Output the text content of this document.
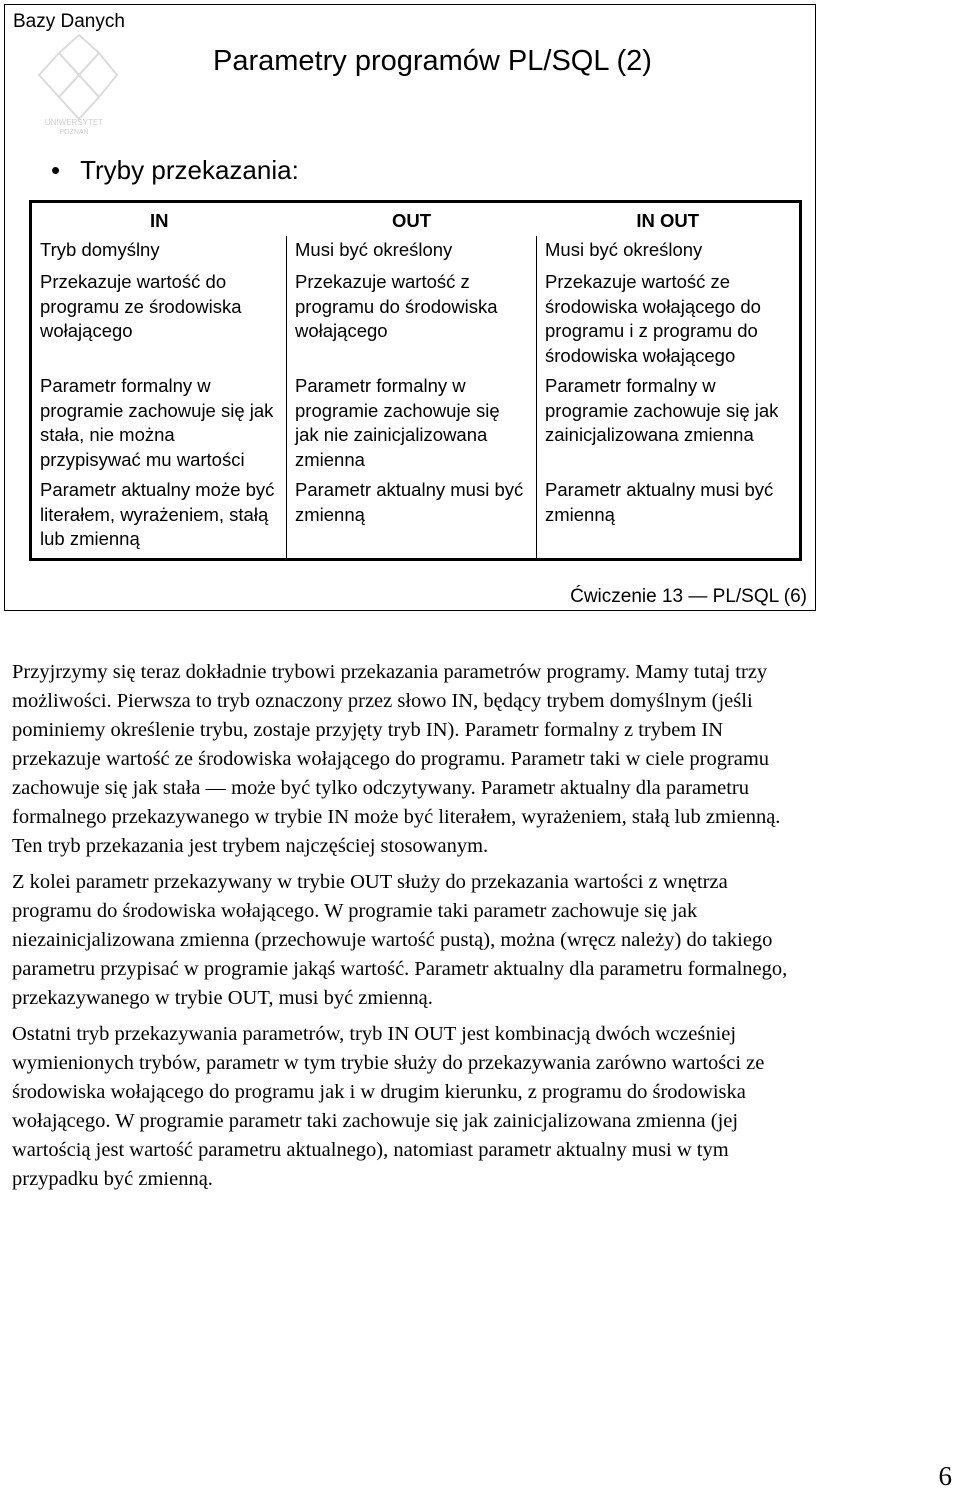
Bazy Danych
UNIWERSYTET
POZNAŃ
Parametry programów PL/SQL (2)
• Tryby przekazania:
IN	OUT	IN OUT
Tryb domyślny	Musi być określony	Musi być określony
Przekazuje wartość do programu ze środowiska wołającego	Przekazuje wartość z programu do środowiska wołającego	Przekazuje wartość ze środowiska wołającego do programu i z programu do środowiska wołającego
Parametr formalny w programie zachowuje się jak stała, nie można przypisywać mu wartości	Parametr formalny w programie zachowuje się jak nie zainicjalizowana zmienna	Parametr formalny w programie zachowuje się jak zainicjalizowana zmienna
Parametr aktualny może być literałem, wyrażeniem, stałą lub zmienną	Parametr aktualny musi być zmienną	Parametr aktualny musi być zmienną
Ćwiczenie 13 — PL/SQL (6)

Przyjrzymy się teraz dokładnie trybowi przekazania parametrów programy. Mamy tutaj trzy możliwości. Pierwsza to tryb oznaczony przez słowo IN, będący trybem domyślnym (jeśli pominiemy określenie trybu, zostaje przyjęty tryb IN). Parametr formalny z trybem IN przekazuje wartość ze środowiska wołającego do programu. Parametr taki w ciele programu zachowuje się jak stała — może być tylko odczytywany. Parametr aktualny dla parametru formalnego przekazywanego w trybie IN może być literałem, wyrażeniem, stałą lub zmienną. Ten tryb przekazania jest trybem najczęściej stosowanym.

Z kolei parametr przekazywany w trybie OUT służy do przekazania wartości z wnętrza programu do środowiska wołającego. W programie taki parametr zachowuje się jak niezainicjalizowana zmienna (przechowuje wartość pustą), można (wręcz należy) do takiego parametru przypisać w programie jakąś wartość. Parametr aktualny dla parametru formalnego, przekazywanego w trybie OUT, musi być zmienną.

Ostatni tryb przekazywania parametrów, tryb IN OUT jest kombinacją dwóch wcześniej wymienionych trybów, parametr w tym trybie służy do przekazywania zarówno wartości ze środowiska wołającego do programu jak i w drugim kierunku, z programu do środowiska wołającego. W programie parametr taki zachowuje się jak zainicjalizowana zmienna (jej wartością jest wartość parametru aktualnego), natomiast parametr aktualny musi w tym przypadku być zmienną.

6
